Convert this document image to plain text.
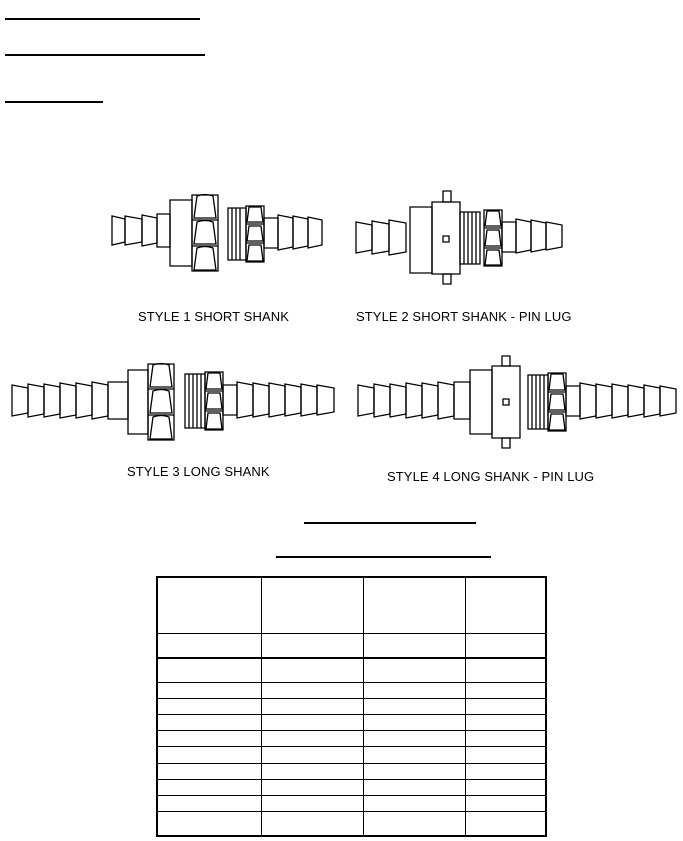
STYLE 1 SHORT SHANK	STYLE 2 SHORT SHANK - PIN LUG
STYLE 3 LONG SHANK	STYLE 4 LONG SHANK - PIN LUG
